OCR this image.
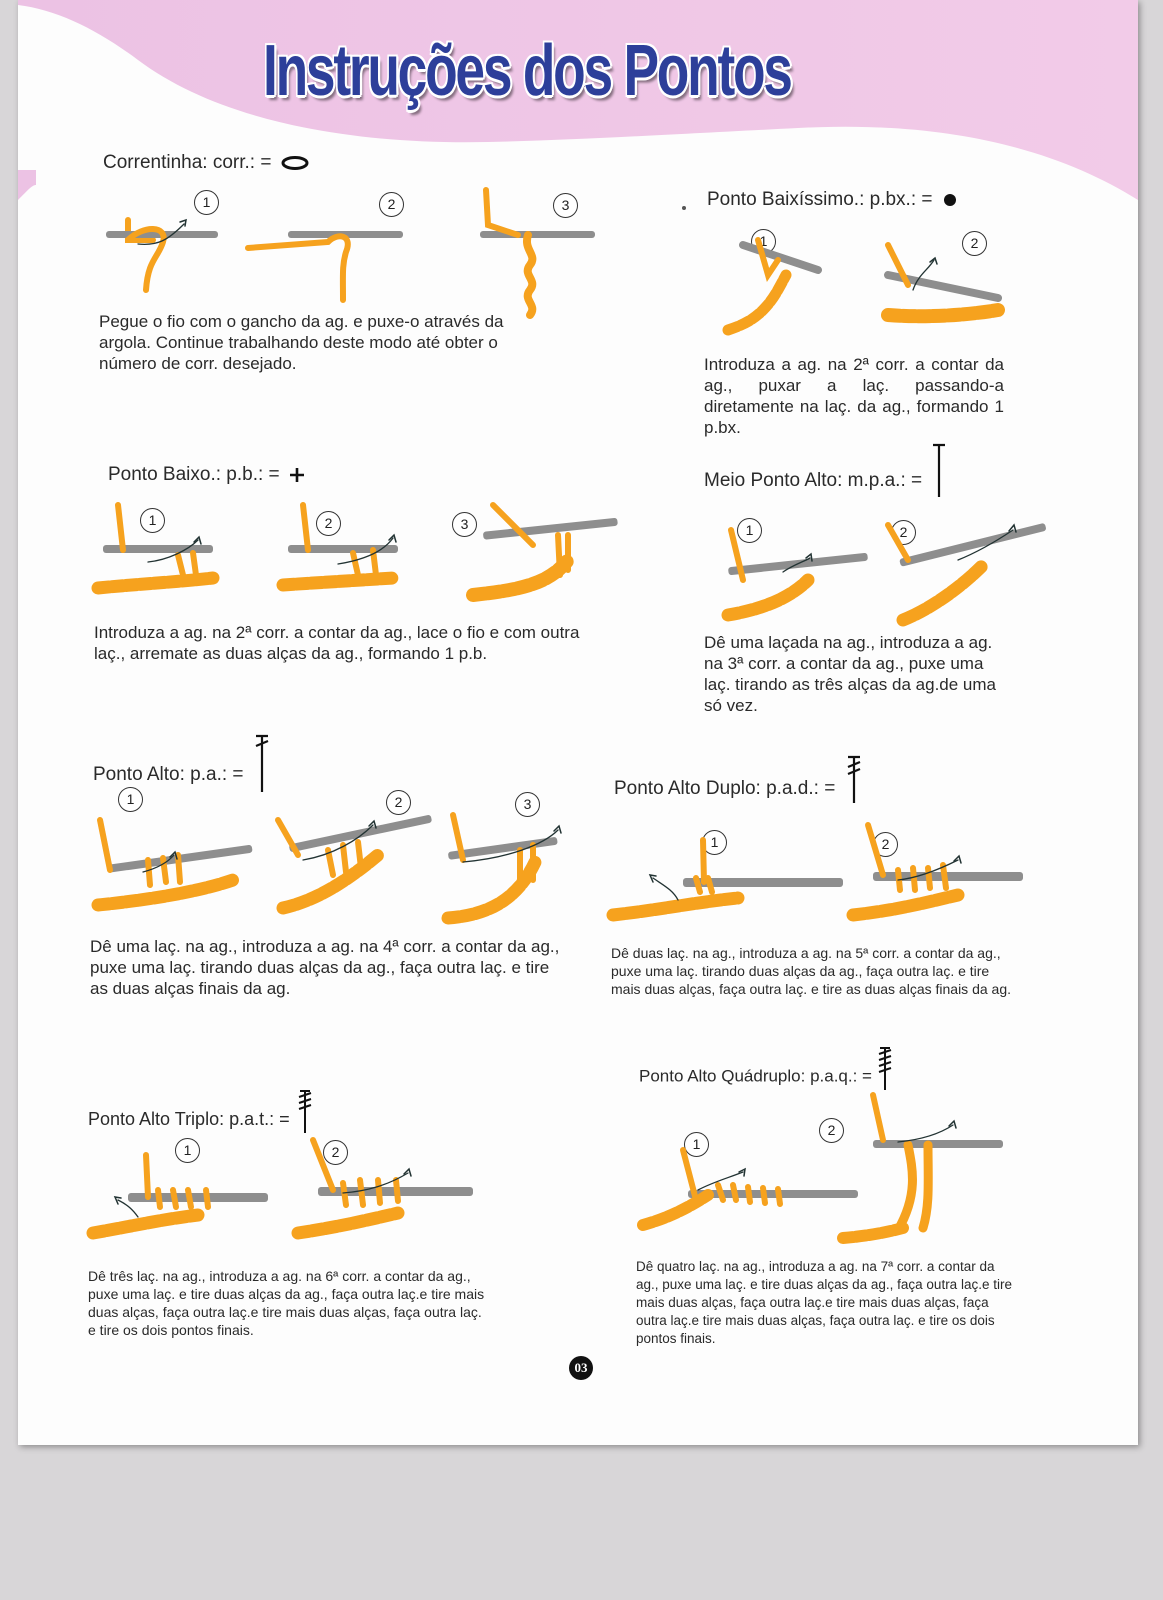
Instruções dos Pontos
Correntinha: corr.: =
1	2	3

Pegue o fio com o gancho da ag. e puxe-o através da argola. Continue trabalhando deste modo até obter o número de corr. desejado.

Ponto Baixíssimo.: p.bx.: =
1	2

Introduza a ag. na 2ª corr. a contar da ag., puxar a laç. passando-a diretamente na laç. da ag., formando 1 p.bx.

Ponto Baixo.: p.b.: =
1	2	3

Introduza a ag. na 2ª corr. a contar da ag., lace o fio e com outra laç., arremate as duas alças da ag., formando 1 p.b.

Meio Ponto Alto: m.p.a.: =
1	2

Dê uma laçada na ag., introduza a ag. na 3ª corr. a contar da ag., puxe uma laç. tirando as três alças da ag.de uma só vez.

Ponto Alto: p.a.: =
1	2	3

Dê uma laç. na ag., introduza a ag. na 4ª corr. a contar da ag., puxe uma laç. tirando duas alças da ag., faça outra laç. e tire as duas alças finais da ag.

Ponto Alto Duplo: p.a.d.: =
1	2

Dê duas laç. na ag., introduza a ag. na 5ª corr. a contar da ag., puxe uma laç. tirando duas alças da ag., faça outra laç. e tire mais duas alças, faça outra laç. e tire as duas alças finais da ag.

Ponto Alto Quádruplo: p.a.q.: =
1
2

Dê quatro laç. na ag., introduza a ag. na 7ª corr. a contar da ag., puxe uma laç. e tire duas alças da ag., faça outra laç.e tire mais duas alças, faça outra laç.e tire mais duas alças, faça outra laç.e tire mais duas alças, faça outra laç. e tire os dois pontos finais.

Ponto Alto Triplo: p.a.t.: =
1	2

Dê três laç. na ag., introduza a ag. na 6ª corr. a contar da ag., puxe uma laç. e tire duas alças da ag., faça outra laç.e tire mais duas alças, faça outra laç.e tire mais duas alças, faça outra laç. e tire os dois pontos finais.

03
